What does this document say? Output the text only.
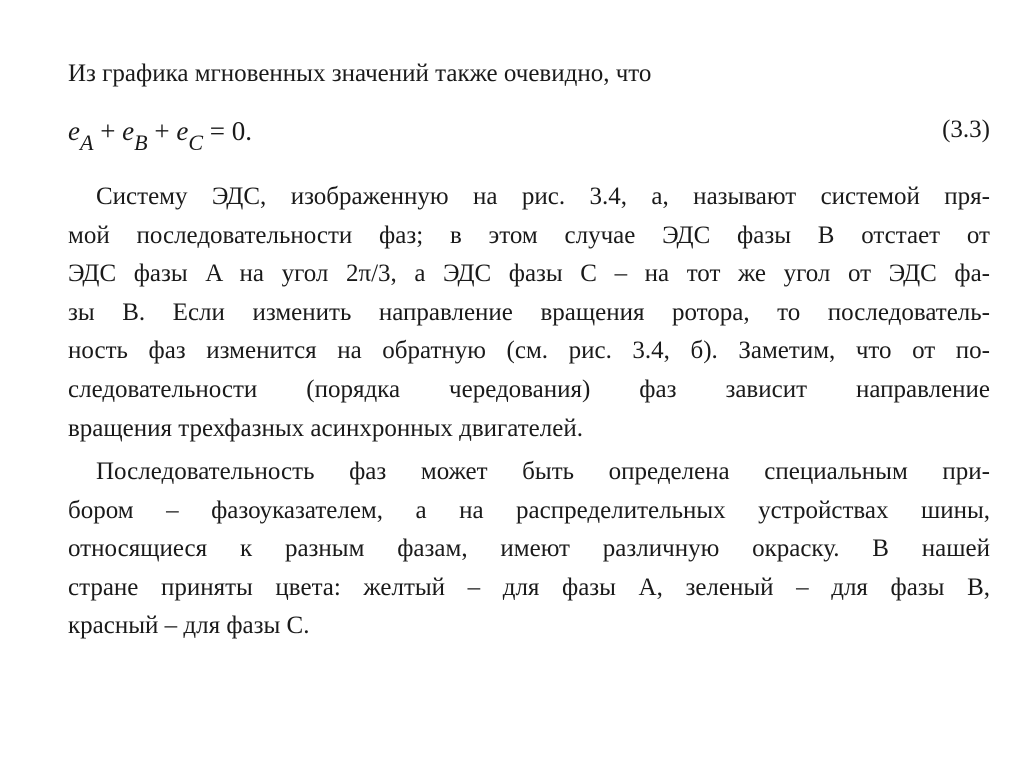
Из графика мгновенных значений также очевидно, что

$e_A + e_B + e_C = 0$.	(3.3)

Систему ЭДС, изображенную на рис. 3.4, а, называют системой пря-
мой последовательности фаз; в этом случае ЭДС фазы B отстает от
ЭДС фазы A на угол 2π/3, а ЭДС фазы C – на тот же угол от ЭДС фа-
зы B. Если изменить направление вращения ротора, то последователь-
ность фаз изменится на обратную (см. рис. 3.4, б). Заметим, что от по-
следовательности (порядка чередования) фаз зависит направление
вращения трехфазных асинхронных двигателей.

Последовательность фаз может быть определена специальным при-
бором – фазоуказателем, а на распределительных устройствах шины,
относящиеся к разным фазам, имеют различную окраску. В нашей
стране приняты цвета: желтый – для фазы A, зеленый – для фазы B,
красный – для фазы C.
